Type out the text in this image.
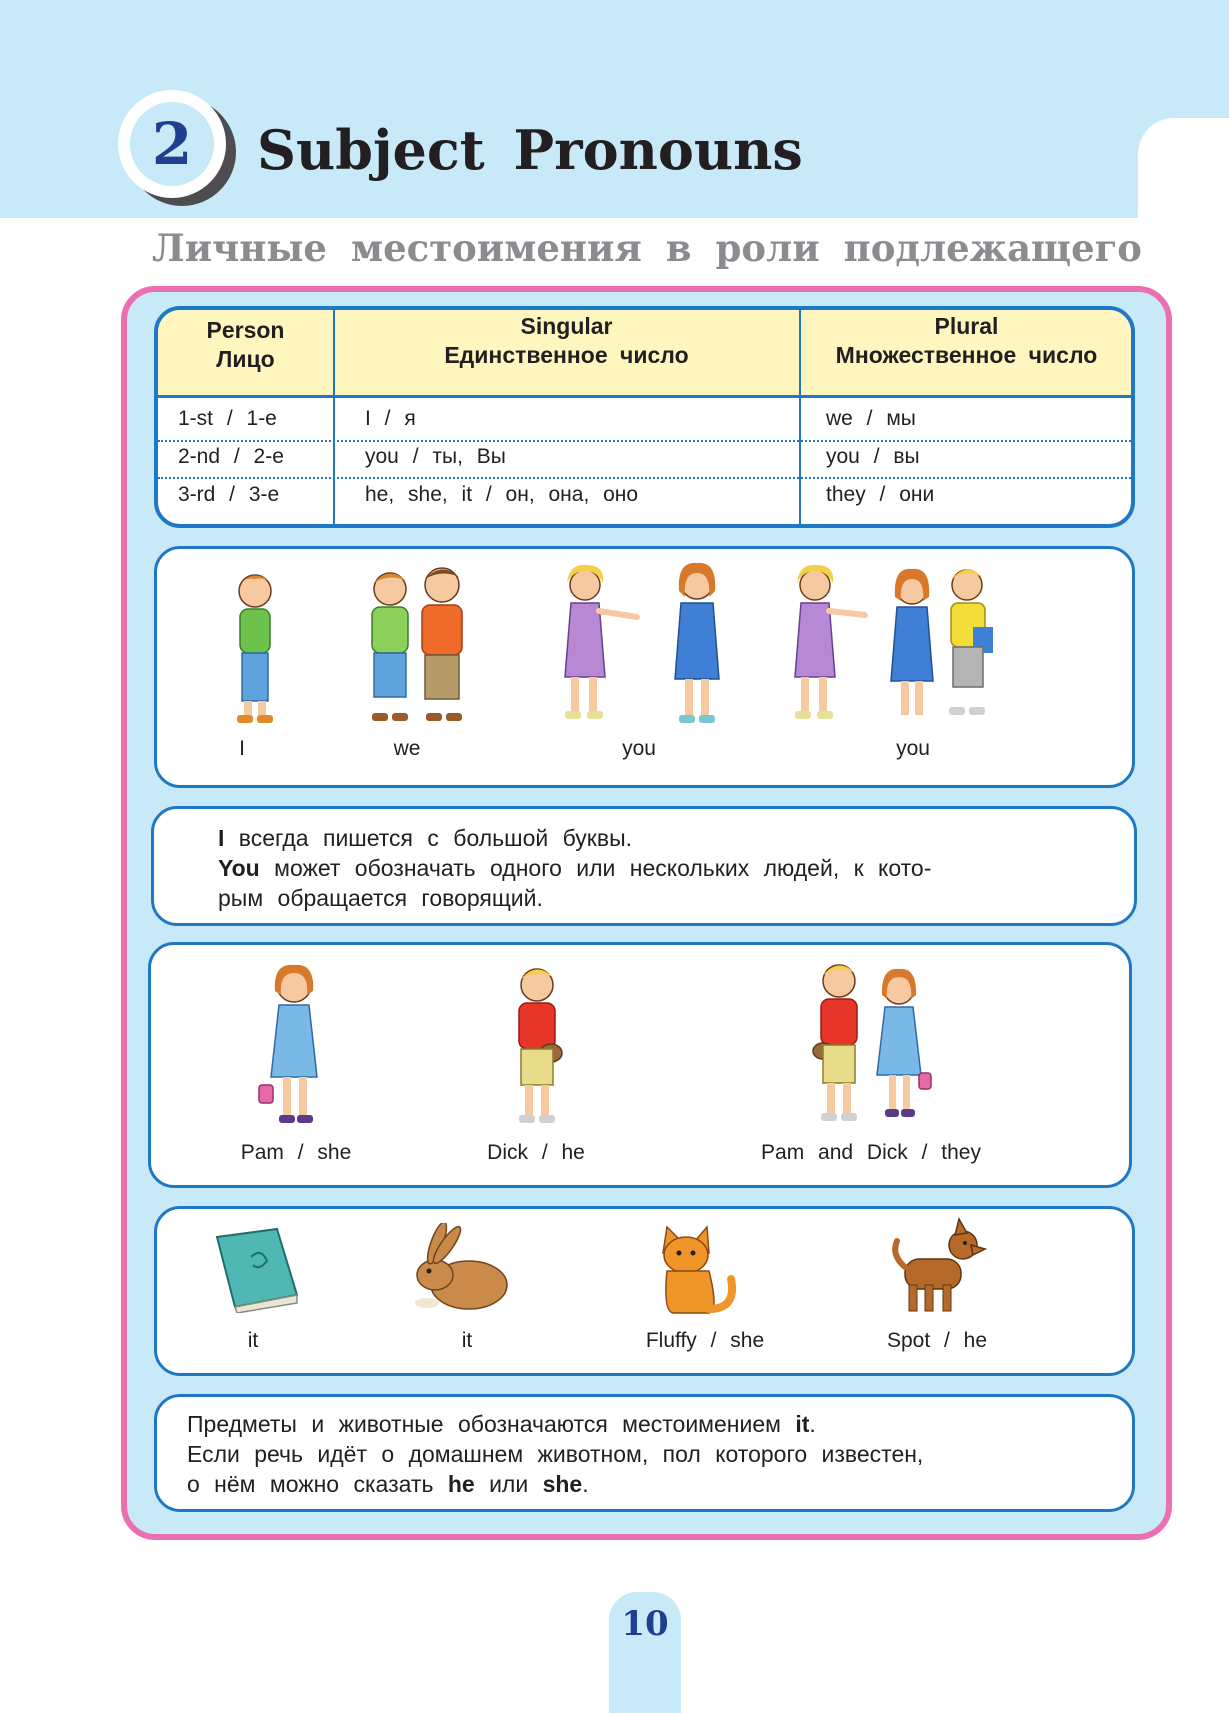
2	Subject Pronouns
Личные местоимения в роли подлежащего
Person
Лицо
Singular
Единственное число
Plural
Множественное число
1-st / 1-е	I / я	we / мы
2-nd / 2-е	you / ты, Вы	you / вы
3-rd / 3-е	he, she, it / он, она, оно	they / они
I	we	you	you
I всегда пишется с большой буквы.
You может обозначать одного или нескольких людей, к кото-
рым обращается говорящий.
Pam / she	Dick / he	Pam and Dick / they
it	it	Fluffy / she	Spot / he
Предметы и животные обозначаются местоимением it.
Если речь идёт о домашнем животном, пол которого известен,
о нём можно сказать he или she.
10
